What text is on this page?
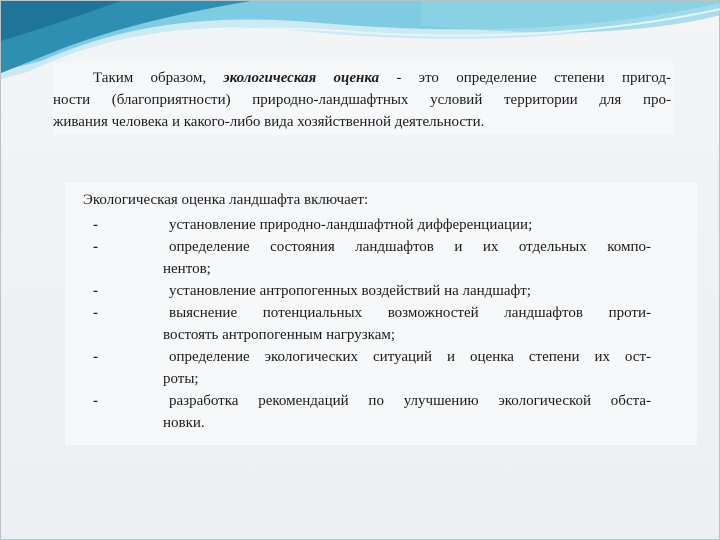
Таким образом, экологическая оценка - это определение степени пригод-
ности (благоприятности) природно-ландшафтных условий территории для про-
живания человека и какого-либо вида хозяйственной деятельности.

Экологическая оценка ландшафта включает:

-	установление природно-ландшафтной дифференциации;
-	определение состояния ландшафтов и их отдельных компо-
нентов;
-	установление антропогенных воздействий на ландшафт;
-	выяснение потенциальных возможностей ландшафтов проти-
востоять антропогенным нагрузкам;
-	определение экологических ситуаций и оценка степени их ост-
роты;
-	разработка рекомендаций по улучшению экологической обста-
новки.
